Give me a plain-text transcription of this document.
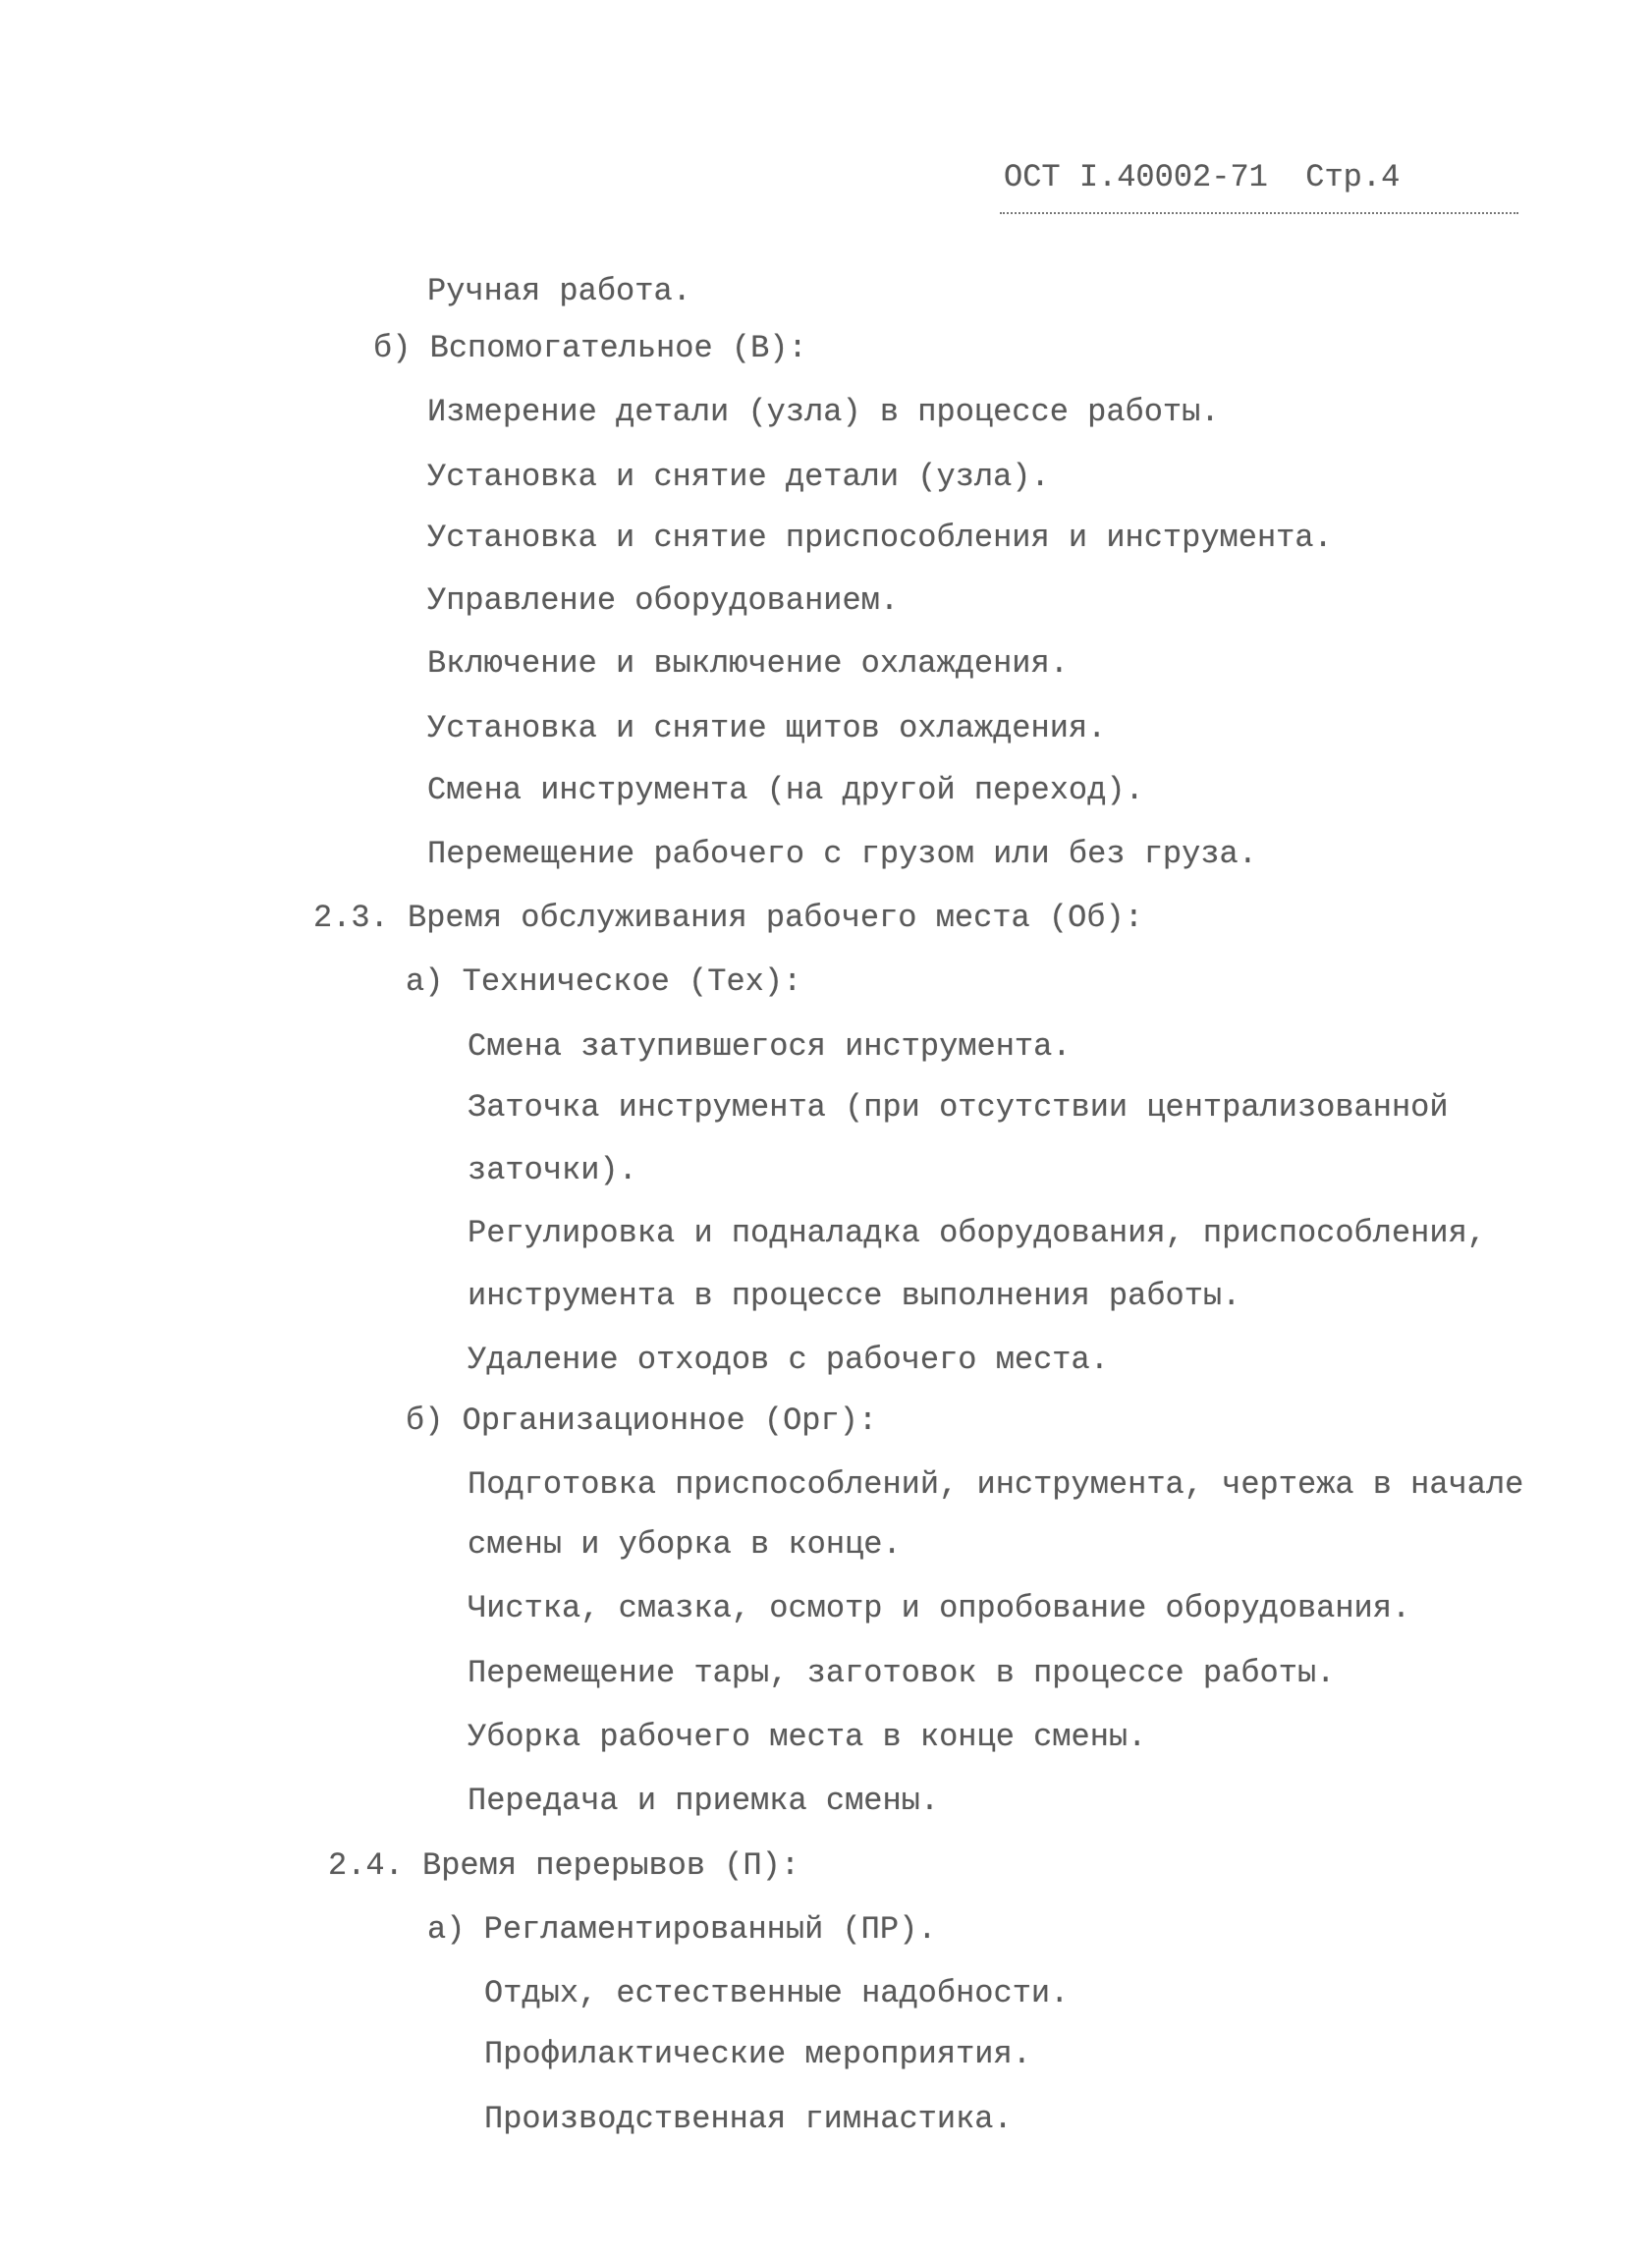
ОСТ I.40002-71 Стр.4
Ручная работа.
б) Вспомогательное (В):
Измерение детали (узла) в процессе работы.
Установка и снятие детали (узла).
Установка и снятие приспособления и инструмента.
Управление оборудованием.
Включение и выключение охлаждения.
Установка и снятие щитов охлаждения.
Смена инструмента (на другой переход).
Перемещение рабочего с грузом или без груза.
2.3. Время обслуживания рабочего места (Об):
а) Техническое (Тех):
Смена затупившегося инструмента.
Заточка инструмента (при отсутствии централизованной
заточки).
Регулировка и подналадка оборудования, приспособления,
инструмента в процессе выполнения работы.
Удаление отходов с рабочего места.
б) Организационное (Орг):
Подготовка приспособлений, инструмента, чертежа в начале
смены и уборка в конце.
Чистка, смазка, осмотр и опробование оборудования.
Перемещение тары, заготовок в процессе работы.
Уборка рабочего места в конце смены.
Передача и приемка смены.
2.4. Время перерывов (П):
а) Регламентированный (ПР).
Отдых, естественные надобности.
Профилактические мероприятия.
Производственная гимнастика.
